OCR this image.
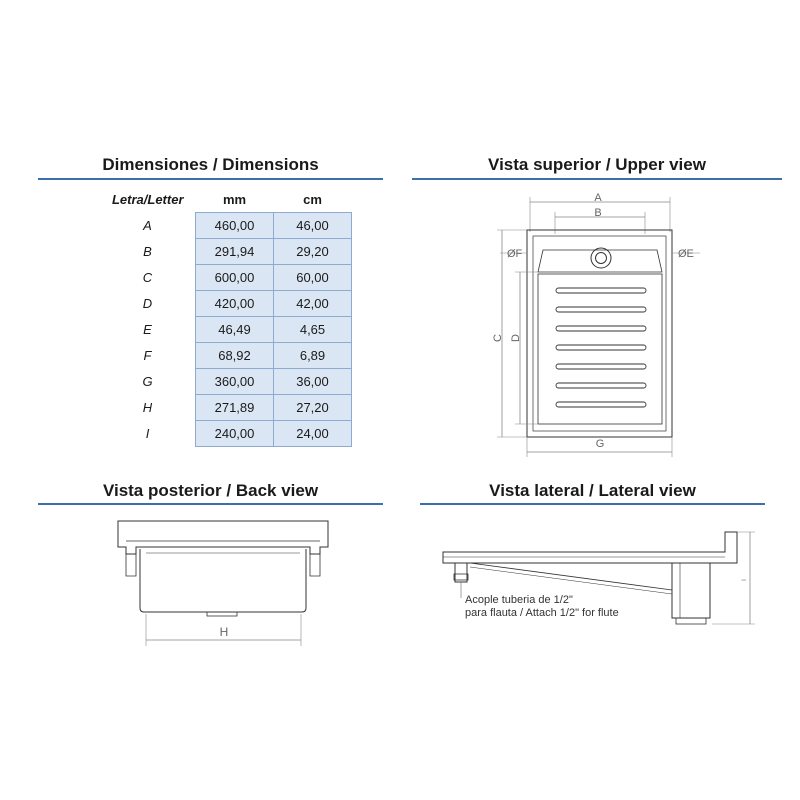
Dimensiones / Dimensions	Vista superior / Upper view
Vista posterior / Back view	Vista lateral / Lateral view
Letra/Letter	mm	cm
A	460,00	46,00
B	291,94	29,20
C	600,00	60,00
D	420,00	42,00
E	46,49	4,65
F	68,92	6,89
G	360,00	36,00
H	271,89	27,20
I	240,00	24,00
A
B
ØF	ØE
C D
G
H
I
Acople tuberia de 1/2"
para flauta / Attach 1/2" for flute
